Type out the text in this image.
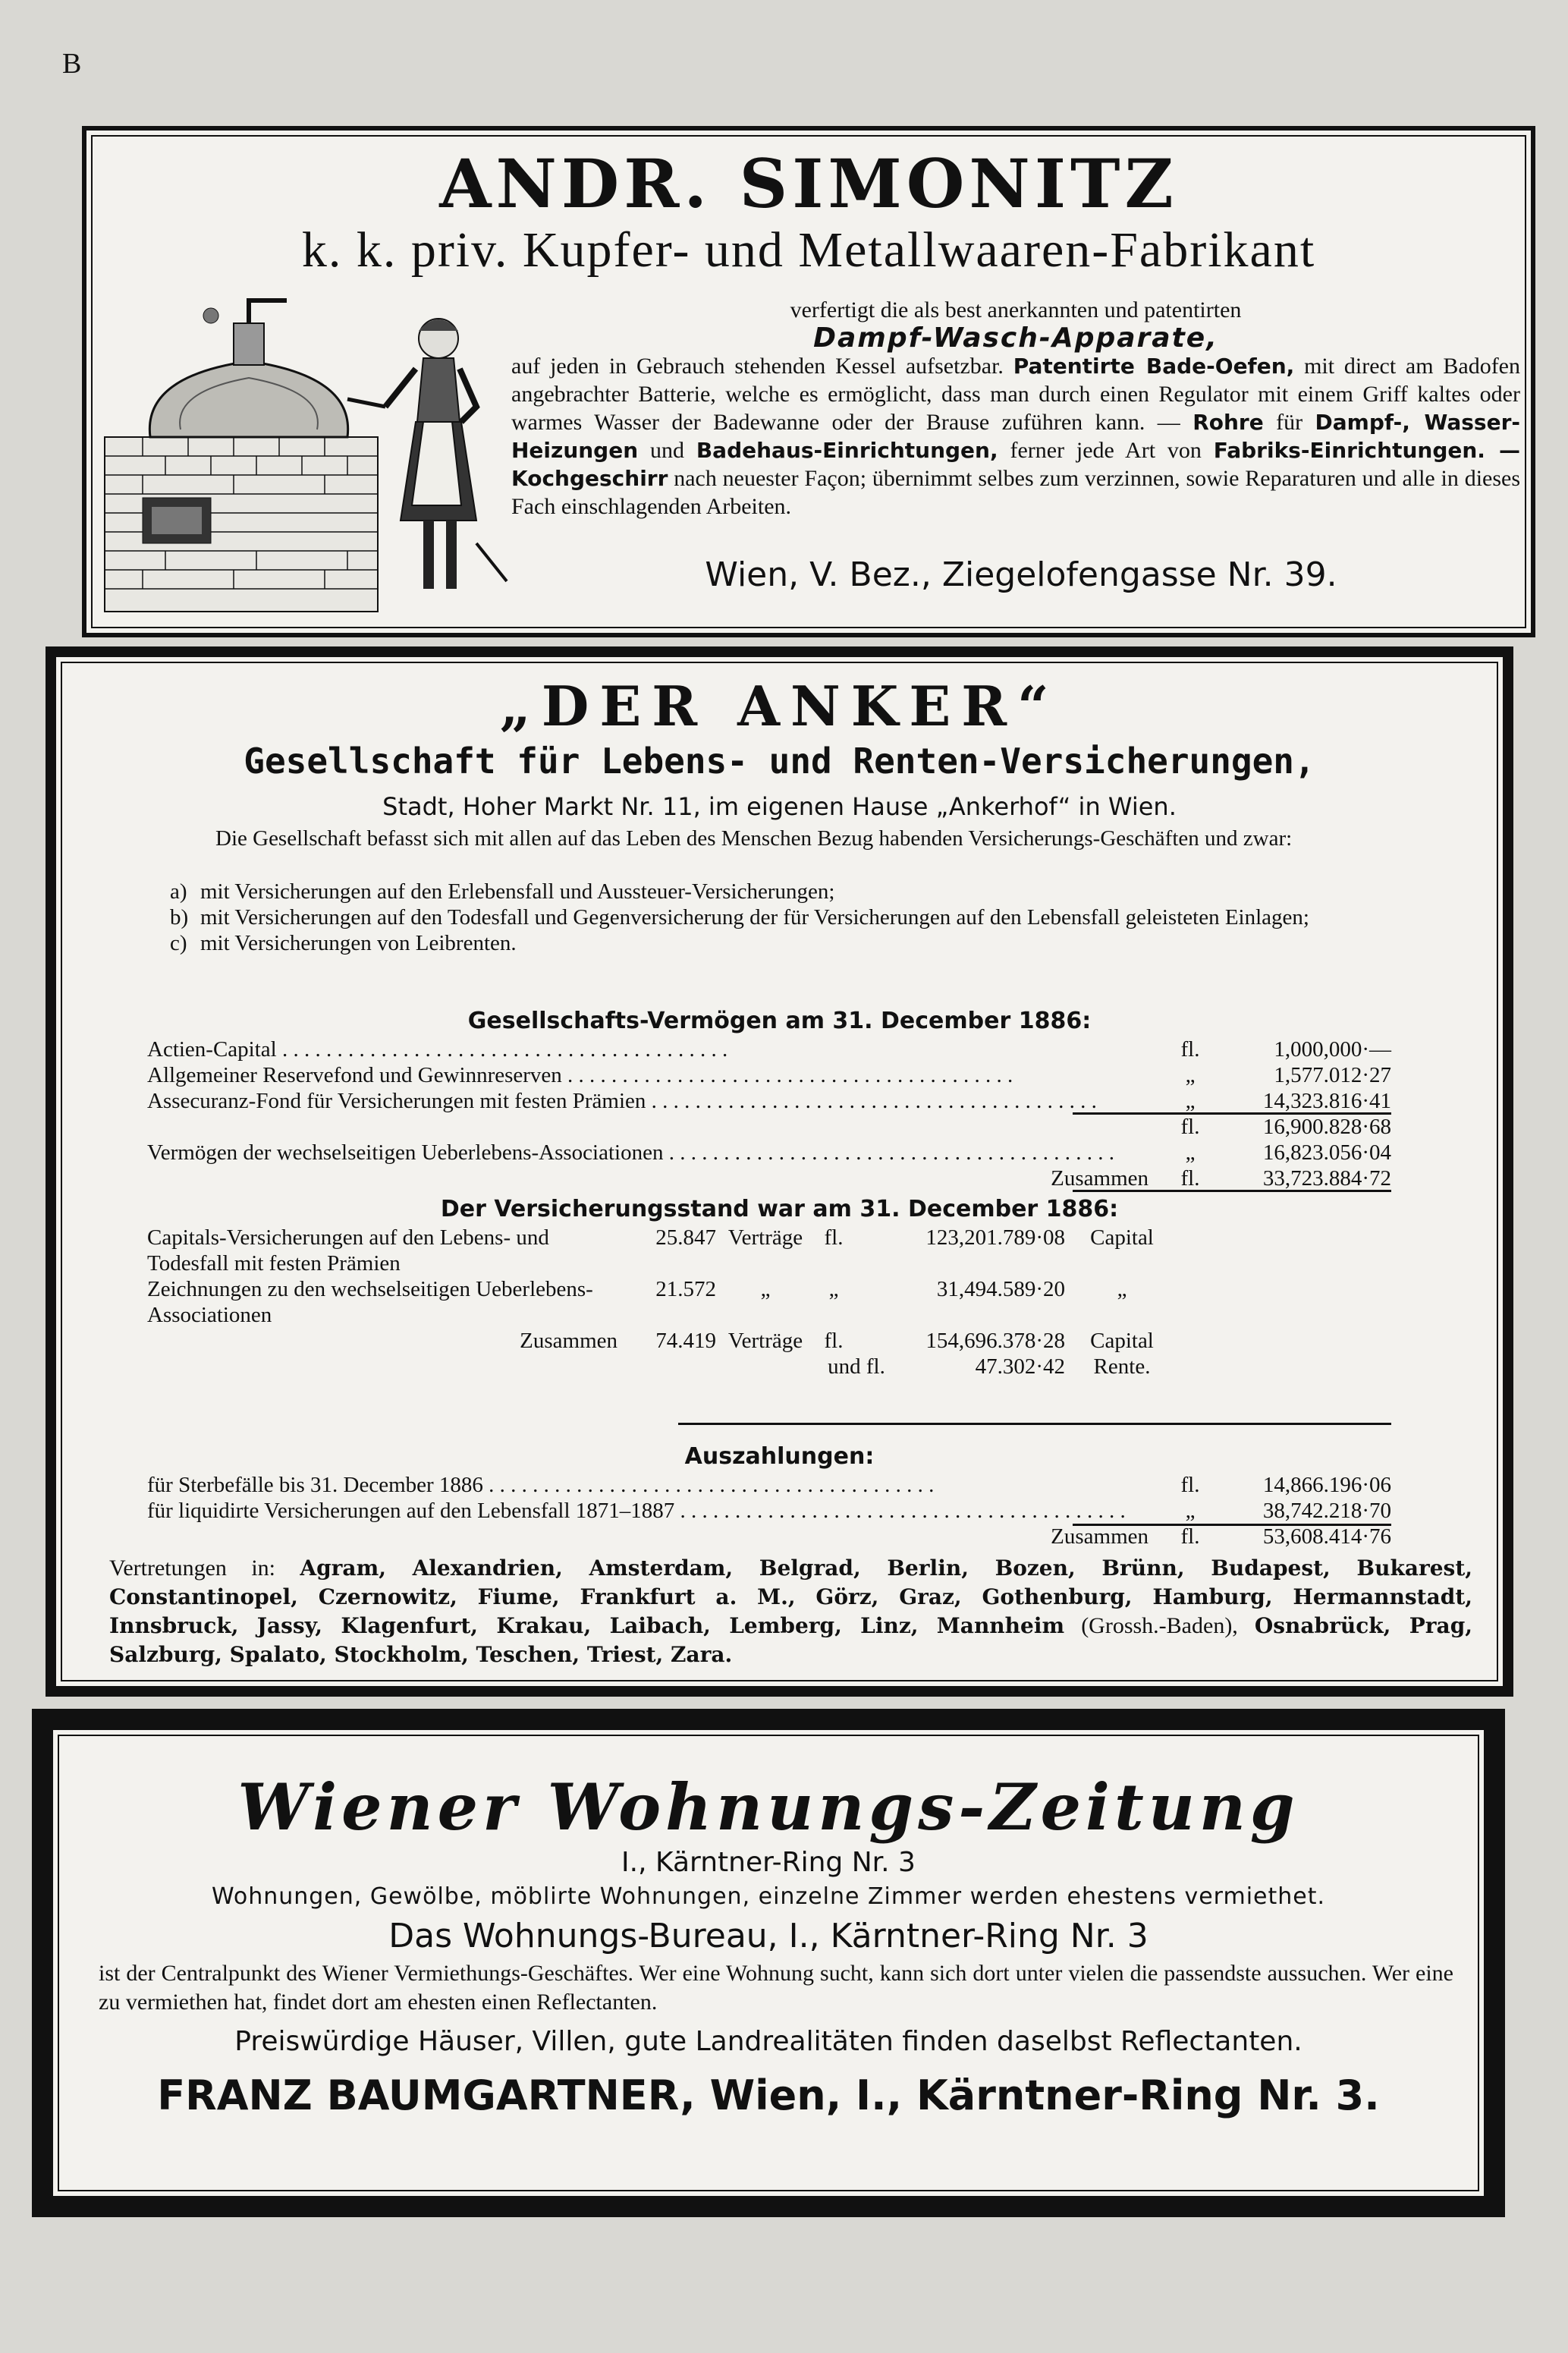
B
ANDR. SIMONITZ
k. k. priv. Kupfer- und Metallwaaren-Fabrikant
verfertigt die als best anerkannten und patentirten
Dampf-Wasch-Apparate,
auf jeden in Gebrauch stehenden Kessel aufsetzbar. Patentirte Bade-Oefen, mit direct am Badofen angebrachter Batterie, welche es ermöglicht, dass man durch einen Regulator mit einem Griff kaltes oder warmes Wasser der Badewanne oder der Brause zuführen kann. — Rohre für Dampf-, Wasser-Heizungen und Badehaus-Einrichtungen, ferner jede Art von Fabriks-Einrichtungen. — Kochgeschirr nach neuester Façon; übernimmt selbes zum verzinnen, sowie Reparaturen und alle in dieses Fach einschlagenden Arbeiten.
Wien, V. Bez., Ziegelofengasse Nr. 39.
„DER ANKER“
Gesellschaft für Lebens- und Renten-Versicherungen,
Stadt, Hoher Markt Nr. 11, im eigenen Hause „Ankerhof“ in Wien.
Die Gesellschaft befasst sich mit allen auf das Leben des Menschen Bezug habenden Versicherungs-Geschäften und zwar:
a) mit Versicherungen auf den Erlebensfall und Aussteuer-Versicherungen;
b) mit Versicherungen auf den Todesfall und Gegenversicherung der für Versicherungen auf den Lebensfall geleisteten Einlagen;
c) mit Versicherungen von Leibrenten.
Gesellschafts-Vermögen am 31. December 1886:
Actien-Capital . . .	fl.	1,000,000·—
Allgemeiner Reservefond und Gewinnreserven . . .	„	1,577.012·27
Assecuranz-Fond für Versicherungen mit festen Prämien . . .	„	14,323.816·41
fl.	16,900.828·68
Vermögen der wechselseitigen Ueberlebens-Associationen . . .	„	16,823.056·04
Zusammen	fl.	33,723.884·72
Der Versicherungsstand war am 31. December 1886:
Capitals-Versicherungen auf den Lebens- und Todesfall mit festen Prämien
25.847 Verträge fl.	123,201.789·08	Capital
Zeichnungen zu den wechselseitigen Ueberlebens-Associationen
21.572	„	„	31,494.589·20	„
Zusammen	74.419 Verträge fl.	154,696.378·28	Capital
und fl.	47.302·42	Rente.
Auszahlungen:
für Sterbefälle bis 31. December 1886 . . .	fl.	14,866.196·06
für liquidirte Versicherungen auf den Lebensfall 1871–1887 . . .	„	38,742.218·70
Zusammen	fl.	53,608.414·76
Vertretungen in: Agram, Alexandrien, Amsterdam, Belgrad, Berlin, Bozen, Brünn, Budapest, Bukarest, Constantinopel, Czernowitz, Fiume, Frankfurt a. M., Görz, Graz, Gothenburg, Hamburg, Hermannstadt, Innsbruck, Jassy, Klagenfurt, Krakau, Laibach, Lemberg, Linz, Mannheim (Grossh.-Baden), Osnabrück, Prag, Salzburg, Spalato, Stockholm, Teschen, Triest, Zara.
Wiener Wohnungs-Zeitung
I., Kärntner-Ring Nr. 3
Wohnungen, Gewölbe, möblirte Wohnungen, einzelne Zimmer werden ehestens vermiethet.
Das Wohnungs-Bureau, I., Kärntner-Ring Nr. 3
ist der Centralpunkt des Wiener Vermiethungs-Geschäftes. Wer eine Wohnung sucht, kann sich dort unter vielen die passendste aussuchen. Wer eine zu vermiethen hat, findet dort am ehesten einen Reflectanten.
Preiswürdige Häuser, Villen, gute Landrealitäten finden daselbst Reflectanten.
FRANZ BAUMGARTNER, Wien, I., Kärntner-Ring Nr. 3.
